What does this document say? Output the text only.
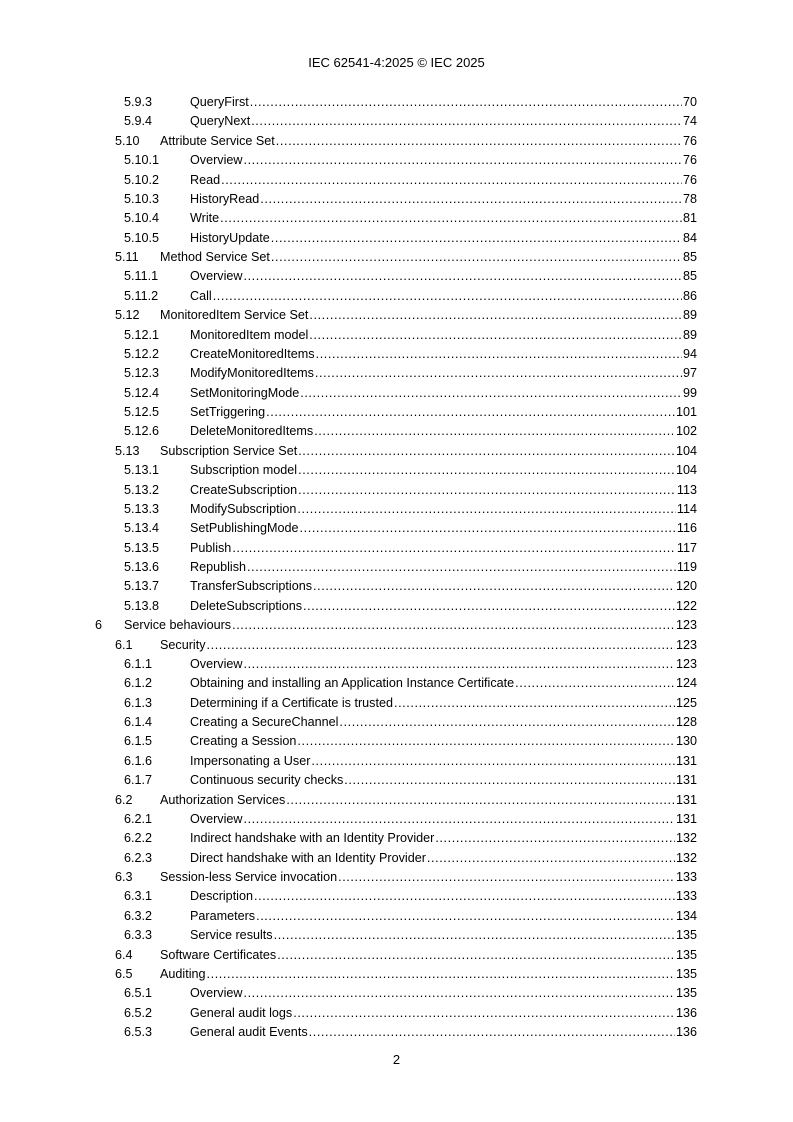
IEC 62541-4:2025 © IEC 2025
5.9.3	QueryFirst .....	70
5.9.4	QueryNext .....	74
5.10	Attribute Service Set .....	76
5.10.1	Overview .....	76
5.10.2	Read .....	76
5.10.3	HistoryRead .....	78
5.10.4	Write .....	81
5.10.5	HistoryUpdate .....	84
5.11	Method Service Set .....	85
5.11.1	Overview .....	85
5.11.2	Call .....	86
5.12	MonitoredItem Service Set .....	89
5.12.1	MonitoredItem model .....	89
5.12.2	CreateMonitoredItems .....	94
5.12.3	ModifyMonitoredItems .....	97
5.12.4	SetMonitoringMode .....	99
5.12.5	SetTriggering .....	101
5.12.6	DeleteMonitoredItems .....	102
5.13	Subscription Service Set .....	104
5.13.1	Subscription model .....	104
5.13.2	CreateSubscription .....	113
5.13.3	ModifySubscription .....	114
5.13.4	SetPublishingMode .....	116
5.13.5	Publish .....	117
5.13.6	Republish .....	119
5.13.7	TransferSubscriptions .....	120
5.13.8	DeleteSubscriptions .....	122
6	Service behaviours .....	123
6.1	Security .....	123
6.1.1	Overview .....	123
6.1.2	Obtaining and installing an Application Instance Certificate .....	124
6.1.3	Determining if a Certificate is trusted .....	125
6.1.4	Creating a SecureChannel .....	128
6.1.5	Creating a Session .....	130
6.1.6	Impersonating a User .....	131
6.1.7	Continuous security checks .....	131
6.2	Authorization Services .....	131
6.2.1	Overview .....	131
6.2.2	Indirect handshake with an Identity Provider .....	132
6.2.3	Direct handshake with an Identity Provider .....	132
6.3	Session-less Service invocation .....	133
6.3.1	Description .....	133
6.3.2	Parameters .....	134
6.3.3	Service results .....	135
6.4	Software Certificates .....	135
6.5	Auditing .....	135
6.5.1	Overview .....	135
6.5.2	General audit logs .....	136
6.5.3	General audit Events .....	136
2
